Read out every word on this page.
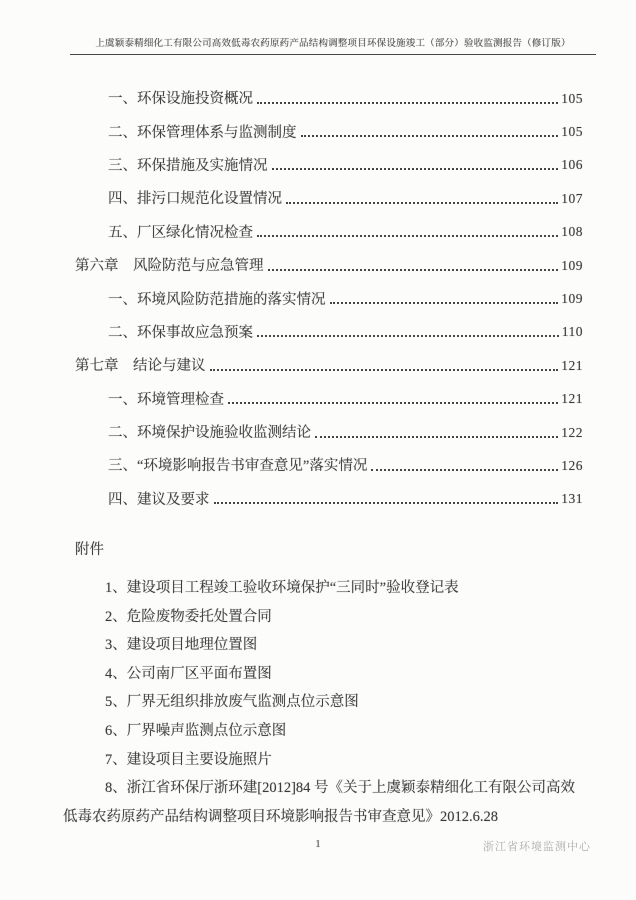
上虞颖泰精细化工有限公司高效低毒农药原药产品结构调整项目环保设施竣工（部分）验收监测报告（修订版）
一、环保设施投资概况	105
二、环保管理体系与监测制度	105
三、环保措施及实施情况	106
四、排污口规范化设置情况	107
五、厂区绿化情况检查	108
第六章　风险防范与应急管理	109
一、环境风险防范措施的落实情况	109
二、环保事故应急预案	110
第七章　结论与建议	121
一、环境管理检查	121
二、环境保护设施验收监测结论	122
三、“环境影响报告书审查意见”落实情况	126
四、建议及要求	131
附件

1、建设项目工程竣工验收环境保护“三同时”验收登记表

2、危险废物委托处置合同

3、建设项目地理位置图

4、公司南厂区平面布置图

5、厂界无组织排放废气监测点位示意图

6、厂界噪声监测点位示意图

7、建设项目主要设施照片

8、浙江省环保厅浙环建[2012]84 号《关于上虞颖泰精细化工有限公司高效低毒农药原药产品结构调整项目环境影响报告书审查意见》2012.6.28

1	浙江省环境监测中心
